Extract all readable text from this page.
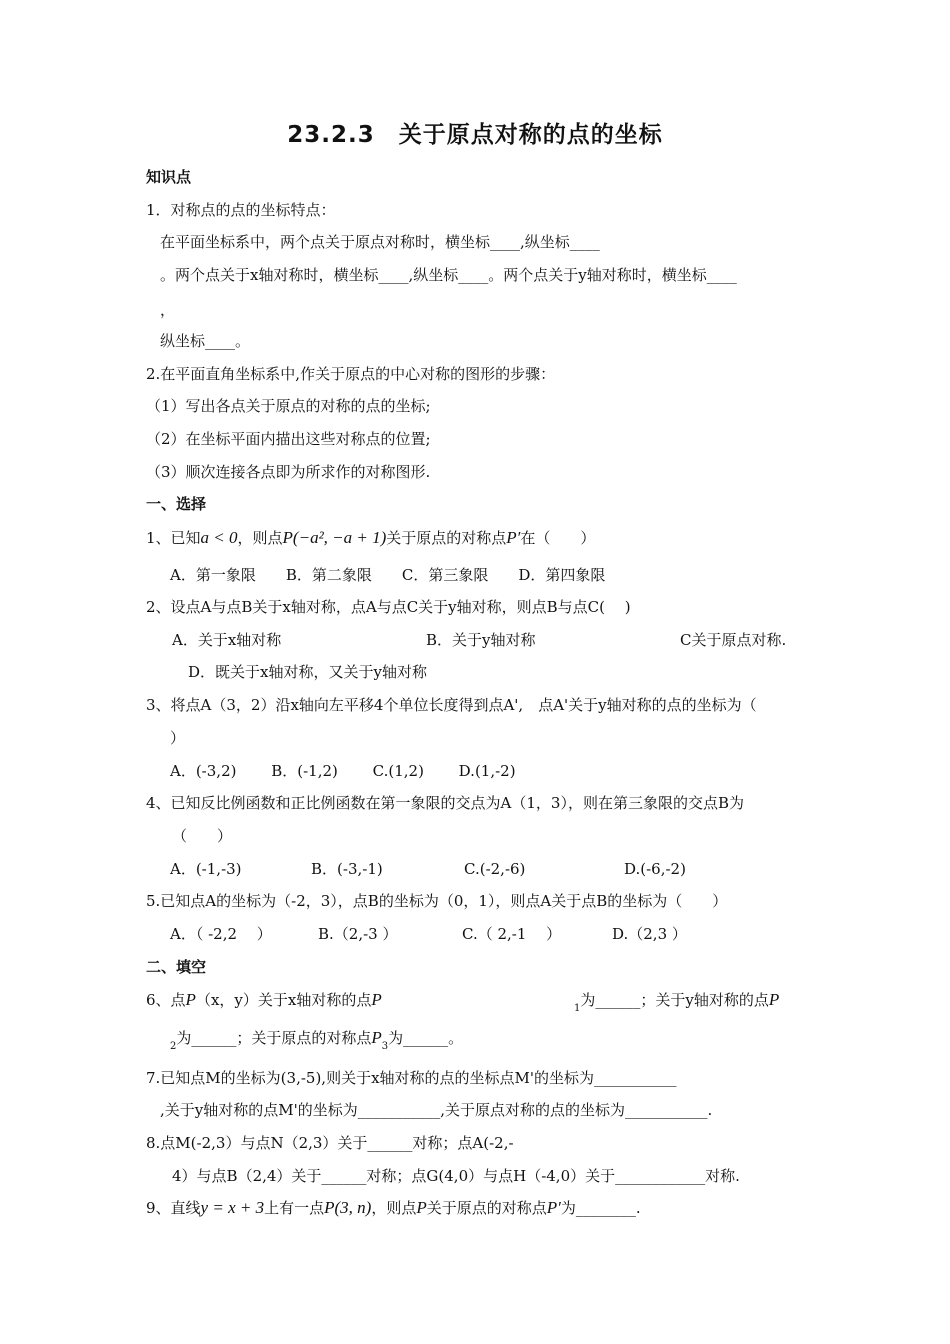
23.2.3　关于原点对称的点的坐标
知识点
1．对称点的点的坐标特点：
在平面坐标系中，两个点关于原点对称时，横坐标____,纵坐标____
。两个点关于x轴对称时，横坐标____,纵坐标____。两个点关于y轴对称时，横坐标____
，
纵坐标____。
2.在平面直角坐标系中,作关于原点的中心对称的图形的步骤：
（1）写出各点关于原点的对称的点的坐标;
（2）在坐标平面内描出这些对称点的位置;
（3）顺次连接各点即为所求作的对称图形.
一、选择
1、已知a < 0，则点P(−a², −a + 1)关于原点的对称点P′在（　　）
A．第一象限　　B．第二象限　　C．第三象限　　D．第四象限
2、设点A与点B关于x轴对称，点A与点C关于y轴对称，则点B与点C(　 )
A．关于x轴对称	B．关于y轴对称	C关于原点对称.
D．既关于x轴对称，又关于y轴对称
3、将点A（3，2）沿x轴向左平移4个单位长度得到点A',　点A'关于y轴对称的点的坐标为（
）
A．(-3,2)　　 B．(-1,2)　　 C.(1,2)　　 D.(1,-2)
4、已知反比例函数和正比例函数在第一象限的交点为A（1，3），则在第三象限的交点B为
（　　）
A．(-1,-3)	B．(-3,-1)	C.(-2,-6)	D.(-6,-2)
5.已知点A的坐标为（-2，3），点B的坐标为（0，1），则点A关于点B的坐标为（　　）
A．（ -2,2　 ）	B.（2,-3 ）	C.（ 2,-1　 ）	D.（2,3 ）
二、填空
6、点P（x，y）关于x轴对称的点P	$_1$为______；关于y轴对称的点P
$_2$为______；关于原点的对称点$P_3$为______。
7.已知点M的坐标为(3,-5),则关于x轴对称的点的坐标点M'的坐标为___________
,关于y轴对称的点M'的坐标为___________,关于原点对称的点的坐标为___________.
8.点M(-2,3）与点N（2,3）关于______对称；点A(-2,-
4）与点B（2,4）关于______对称；点G(4,0）与点H（-4,0）关于____________对称.
9、直线y = x + 3上有一点P(3, n)，则点P关于原点的对称点P′为________.
